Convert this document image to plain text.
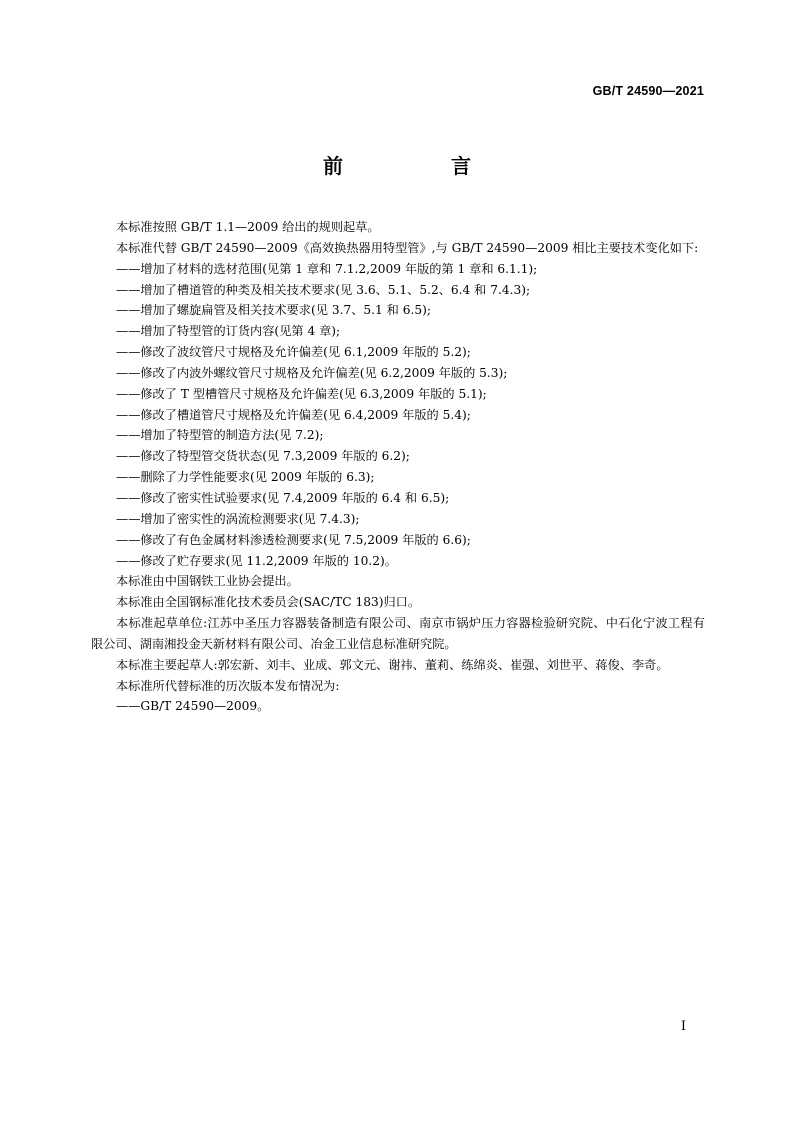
GB/T 24590—2021
前　言

本标准按照 GB/T 1.1—2009 给出的规则起草。

本标准代替 GB/T 24590—2009《高效换热器用特型管》,与 GB/T 24590—2009 相比主要技术变化如下:

——增加了材料的选材范围(见第 1 章和 7.1.2,2009 年版的第 1 章和 6.1.1);

——增加了槽道管的种类及相关技术要求(见 3.6、5.1、5.2、6.4 和 7.4.3);

——增加了螺旋扁管及相关技术要求(见 3.7、5.1 和 6.5);

——增加了特型管的订货内容(见第 4 章);

——修改了波纹管尺寸规格及允许偏差(见 6.1,2009 年版的 5.2);

——修改了内波外螺纹管尺寸规格及允许偏差(见 6.2,2009 年版的 5.3);

——修改了 T 型槽管尺寸规格及允许偏差(见 6.3,2009 年版的 5.1);

——修改了槽道管尺寸规格及允许偏差(见 6.4,2009 年版的 5.4);

——增加了特型管的制造方法(见 7.2);

——修改了特型管交货状态(见 7.3,2009 年版的 6.2);

——删除了力学性能要求(见 2009 年版的 6.3);

——修改了密实性试验要求(见 7.4,2009 年版的 6.4 和 6.5);

——增加了密实性的涡流检测要求(见 7.4.3);

——修改了有色金属材料渗透检测要求(见 7.5,2009 年版的 6.6);

——修改了贮存要求(见 11.2,2009 年版的 10.2)。

本标准由中国钢铁工业协会提出。

本标准由全国钢标准化技术委员会(SAC/TC 183)归口。

本标准起草单位:江苏中圣压力容器装备制造有限公司、南京市锅炉压力容器检验研究院、中石化宁波工程有限公司、湖南湘投金天新材料有限公司、冶金工业信息标准研究院。

本标准主要起草人:郭宏新、刘丰、业成、郭文元、谢祎、董莉、练绵炎、崔强、刘世平、蒋俊、李奇。

本标准所代替标准的历次版本发布情况为:

——GB/T 24590—2009。

I
